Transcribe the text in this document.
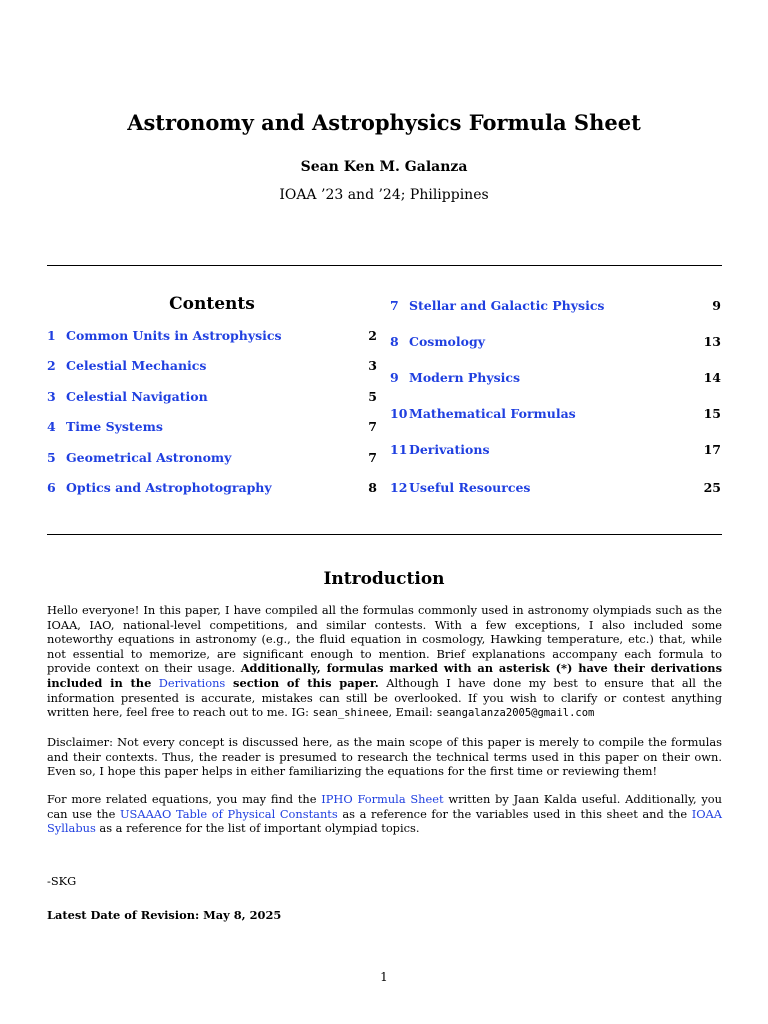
Astronomy and Astrophysics Formula Sheet
Sean Ken M. Galanza
IOAA ’23 and ’24; Philippines
Contents
1 Common Units in Astrophysics	2
2 Celestial Mechanics	3
3 Celestial Navigation	5
4 Time Systems	7
5 Geometrical Astronomy	7
6 Optics and Astrophotography	8
7 Stellar and Galactic Physics	9
8 Cosmology	13
9 Modern Physics	14
10 Mathematical Formulas	15
11 Derivations	17
12 Useful Resources	25
Introduction
Hello everyone! In this paper, I have compiled all the formulas commonly used in astronomy olympiads such as the IOAA, IAO, national-level competitions, and similar contests. With a few exceptions, I also included some noteworthy equations in astronomy (e.g., the fluid equation in cosmology, Hawking temperature, etc.) that, while not essential to memorize, are significant enough to mention. Brief explanations accompany each formula to provide context on their usage. Additionally, formulas marked with an asterisk (*) have their derivations included in the Derivations section of this paper. Although I have done my best to ensure that all the information presented is accurate, mistakes can still be overlooked. If you wish to clarify or contest anything written here, feel free to reach out to me. IG: sean_shineee, Email: seangalanza2005@gmail.com
Disclaimer: Not every concept is discussed here, as the main scope of this paper is merely to compile the formulas and their contexts. Thus, the reader is presumed to research the technical terms used in this paper on their own. Even so, I hope this paper helps in either familiarizing the equations for the first time or reviewing them!
For more related equations, you may find the IPHO Formula Sheet written by Jaan Kalda useful. Additionally, you can use the USAAAO Table of Physical Constants as a reference for the variables used in this sheet and the IOAA Syllabus as a reference for the list of important olympiad topics.
-SKG
Latest Date of Revision: May 8, 2025
1
